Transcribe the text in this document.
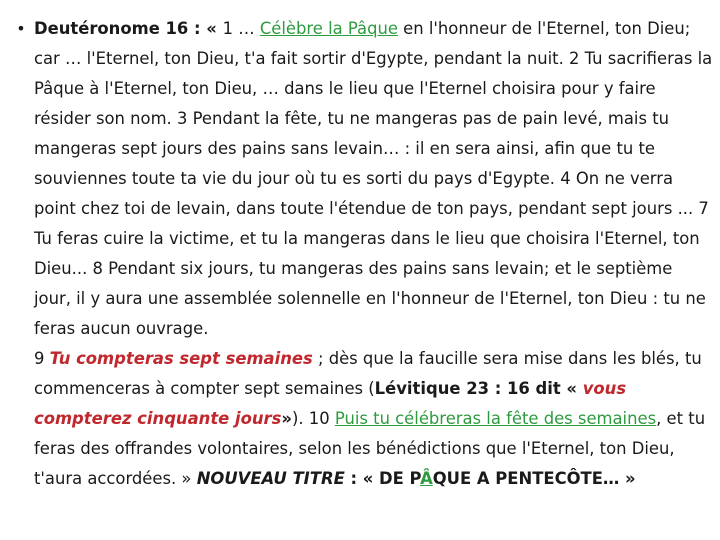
• Deutéronome 16 : « 1 … Célèbre la Pâque en l'honneur de l'Eternel, ton Dieu; car … l'Eternel, ton Dieu, t'a fait sortir d'Egypte, pendant la nuit. 2 Tu sacrifieras la Pâque à l'Eternel, ton Dieu, … dans le lieu que l'Eternel choisira pour y faire résider son nom. 3 Pendant la fête, tu ne mangeras pas de pain levé, mais tu mangeras sept jours des pains sans levain… : il en sera ainsi, afin que tu te souviennes toute ta vie du jour où tu es sorti du pays d'Egypte. 4 On ne verra point chez toi de levain, dans toute l'étendue de ton pays, pendant sept jours ... 7 Tu feras cuire la victime, et tu la mangeras dans le lieu que choisira l'Eternel, ton Dieu... 8 Pendant six jours, tu mangeras des pains sans levain; et le septième jour, il y aura une assemblée solennelle en l'honneur de l'Eternel, ton Dieu : tu ne feras aucun ouvrage.
9 Tu compteras sept semaines ; dès que la faucille sera mise dans les blés, tu commenceras à compter sept semaines (Lévitique 23 : 16 dit « vous compterez cinquante jours»). 10 Puis tu célébreras la fête des semaines, et tu feras des offrandes volontaires, selon les bénédictions que l'Eternel, ton Dieu, t'aura accordées. » NOUVEAU TITRE : « DE PÂQUE A PENTECÔTE… »
